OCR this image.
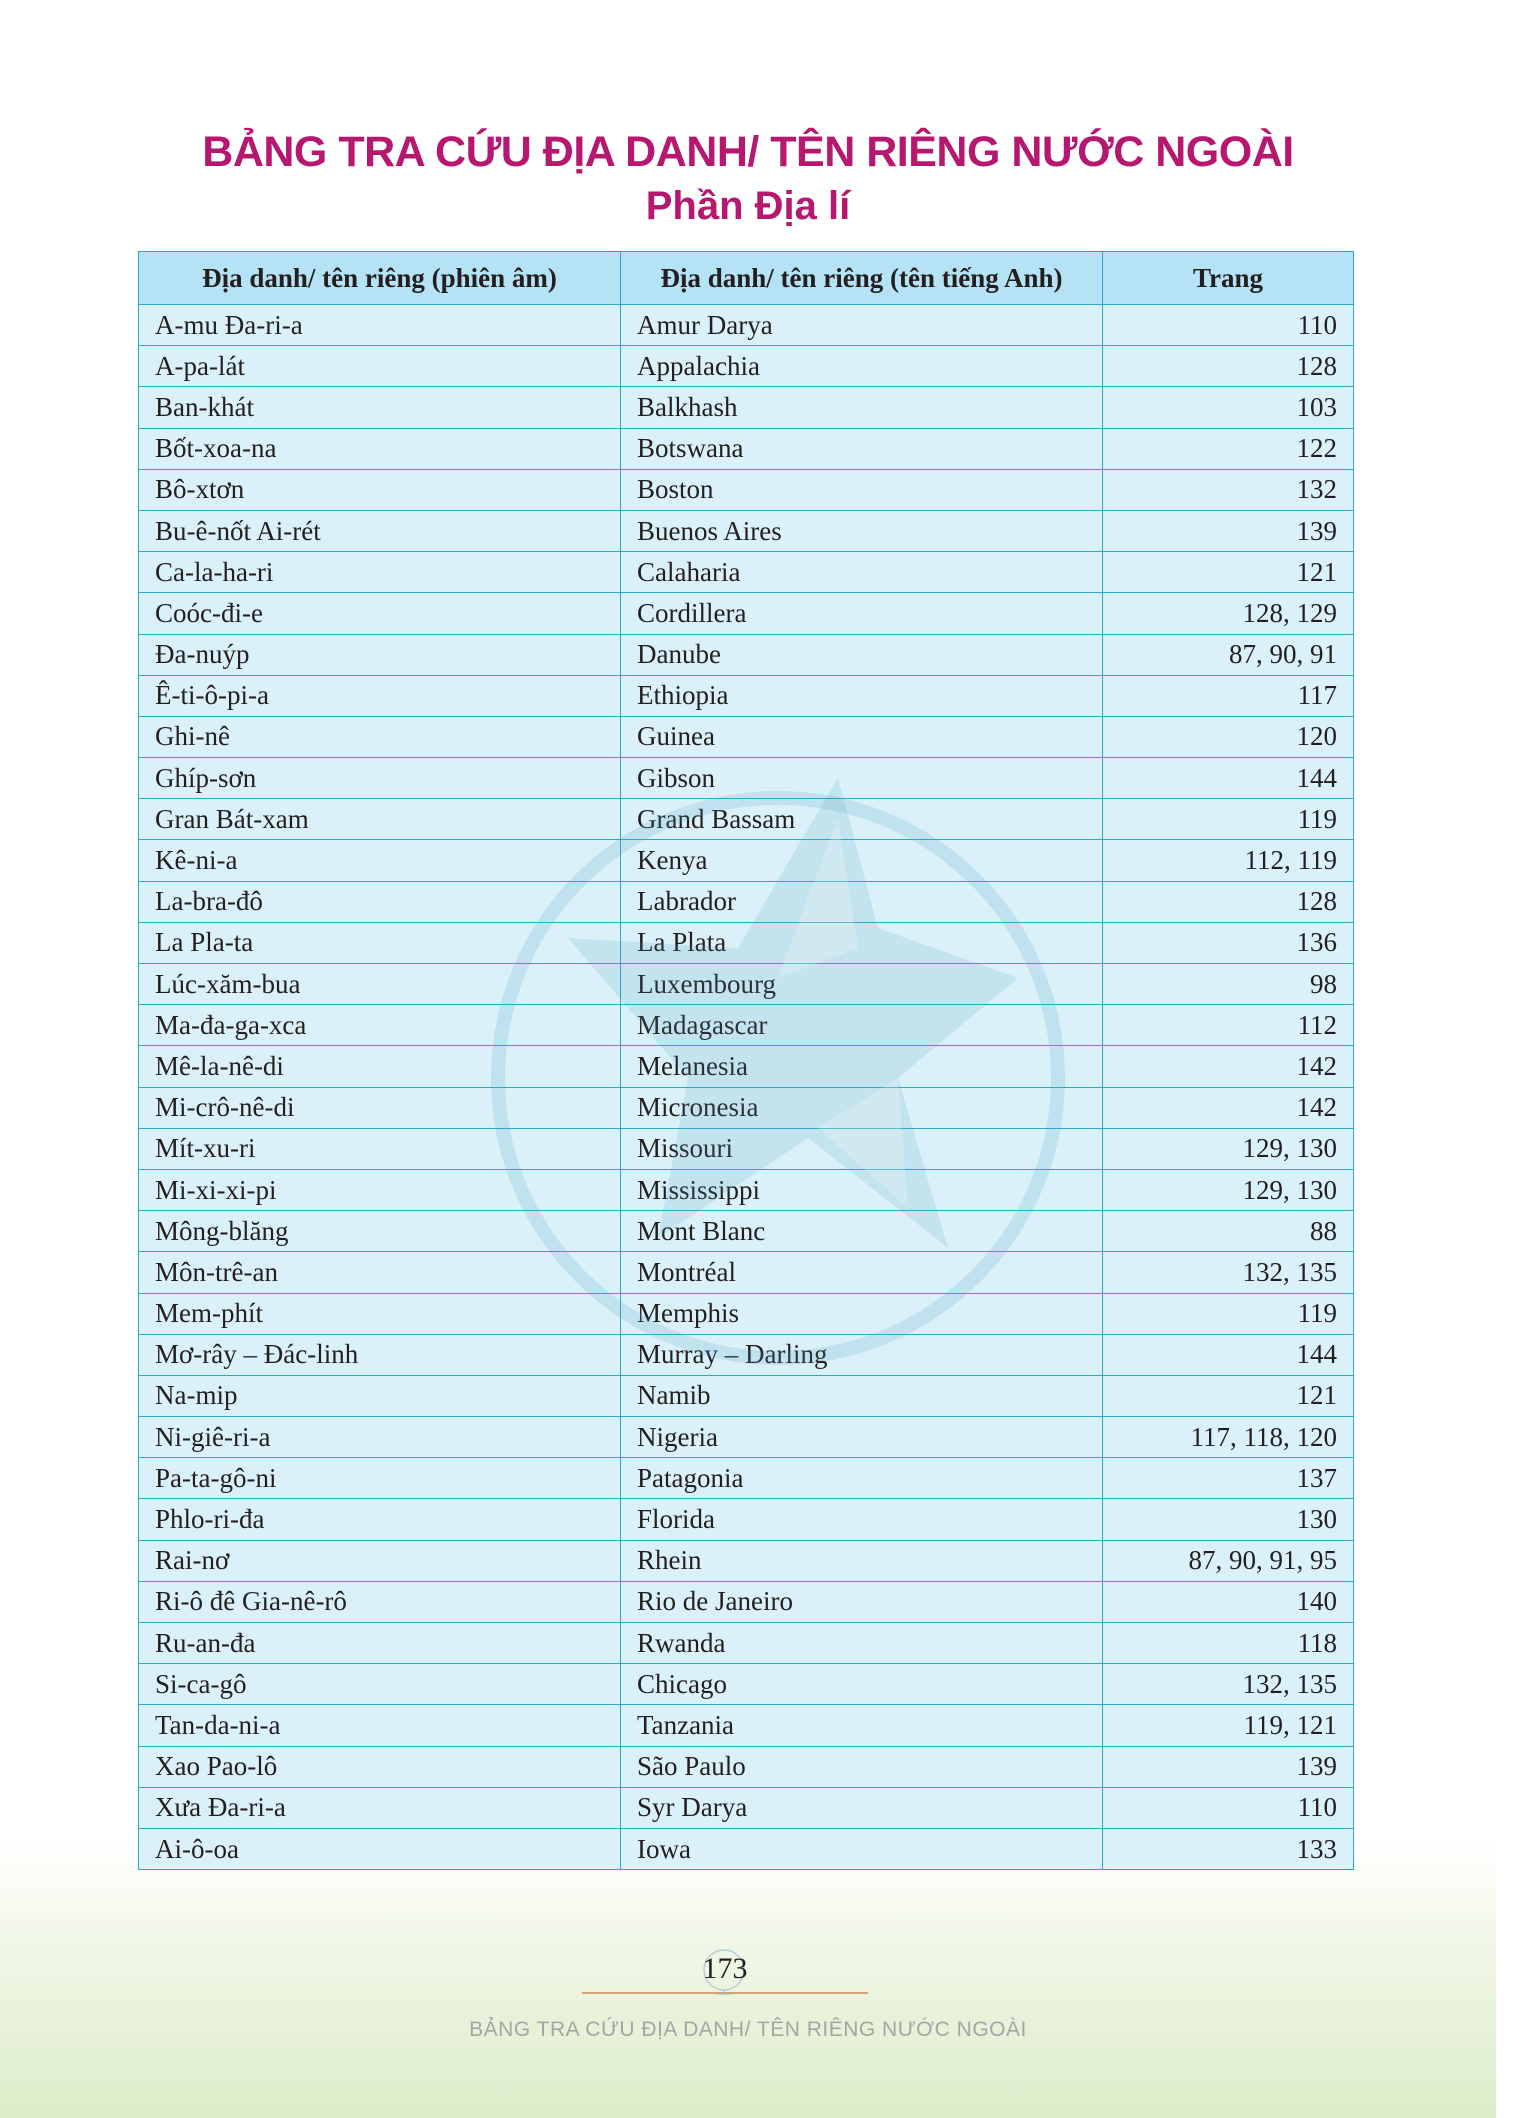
BẢNG TRA CỨU ĐỊA DANH/ TÊN RIÊNG NƯỚC NGOÀI
Phần Địa lí
Địa danh/ tên riêng (phiên âm)	Địa danh/ tên riêng (tên tiếng Anh)	Trang
A-mu Đa-ri-a	Amur Darya	110
A-pa-lát	Appalachia	128
Ban-khát	Balkhash	103
Bốt-xoa-na	Botswana	122
Bô-xtơn	Boston	132
Bu-ê-nốt Ai-rét	Buenos Aires	139
Ca-la-ha-ri	Calaharia	121
Coóc-đi-e	Cordillera	128, 129
Đa-nuýp	Danube	87, 90, 91
Ê-ti-ô-pi-a	Ethiopia	117
Ghi-nê	Guinea	120
Ghíp-sơn	Gibson	144
Gran Bát-xam	Grand Bassam	119
Kê-ni-a	Kenya	112, 119
La-bra-đô	Labrador	128
La Pla-ta	La Plata	136
Lúc-xăm-bua	Luxembourg	98
Ma-đa-ga-xca	Madagascar	112
Mê-la-nê-di	Melanesia	142
Mi-crô-nê-di	Micronesia	142
Mít-xu-ri	Missouri	129, 130
Mi-xi-xi-pi	Mississippi	129, 130
Mông-blăng	Mont Blanc	88
Môn-trê-an	Montréal	132, 135
Mem-phít	Memphis	119
Mơ-rây – Đác-linh	Murray – Darling	144
Na-mip	Namib	121
Ni-giê-ri-a	Nigeria	117, 118, 120
Pa-ta-gô-ni	Patagonia	137
Phlo-ri-đa	Florida	130
Rai-nơ	Rhein	87, 90, 91, 95
Ri-ô đê Gia-nê-rô	Rio de Janeiro	140
Ru-an-đa	Rwanda	118
Si-ca-gô	Chicago	132, 135
Tan-da-ni-a	Tanzania	119, 121
Xao Pao-lô	São Paulo	139
Xưa Đa-ri-a	Syr Darya	110
Ai-ô-oa	Iowa	133
173
BẢNG TRA CỨU ĐỊA DANH/ TÊN RIÊNG NƯỚC NGOÀI
